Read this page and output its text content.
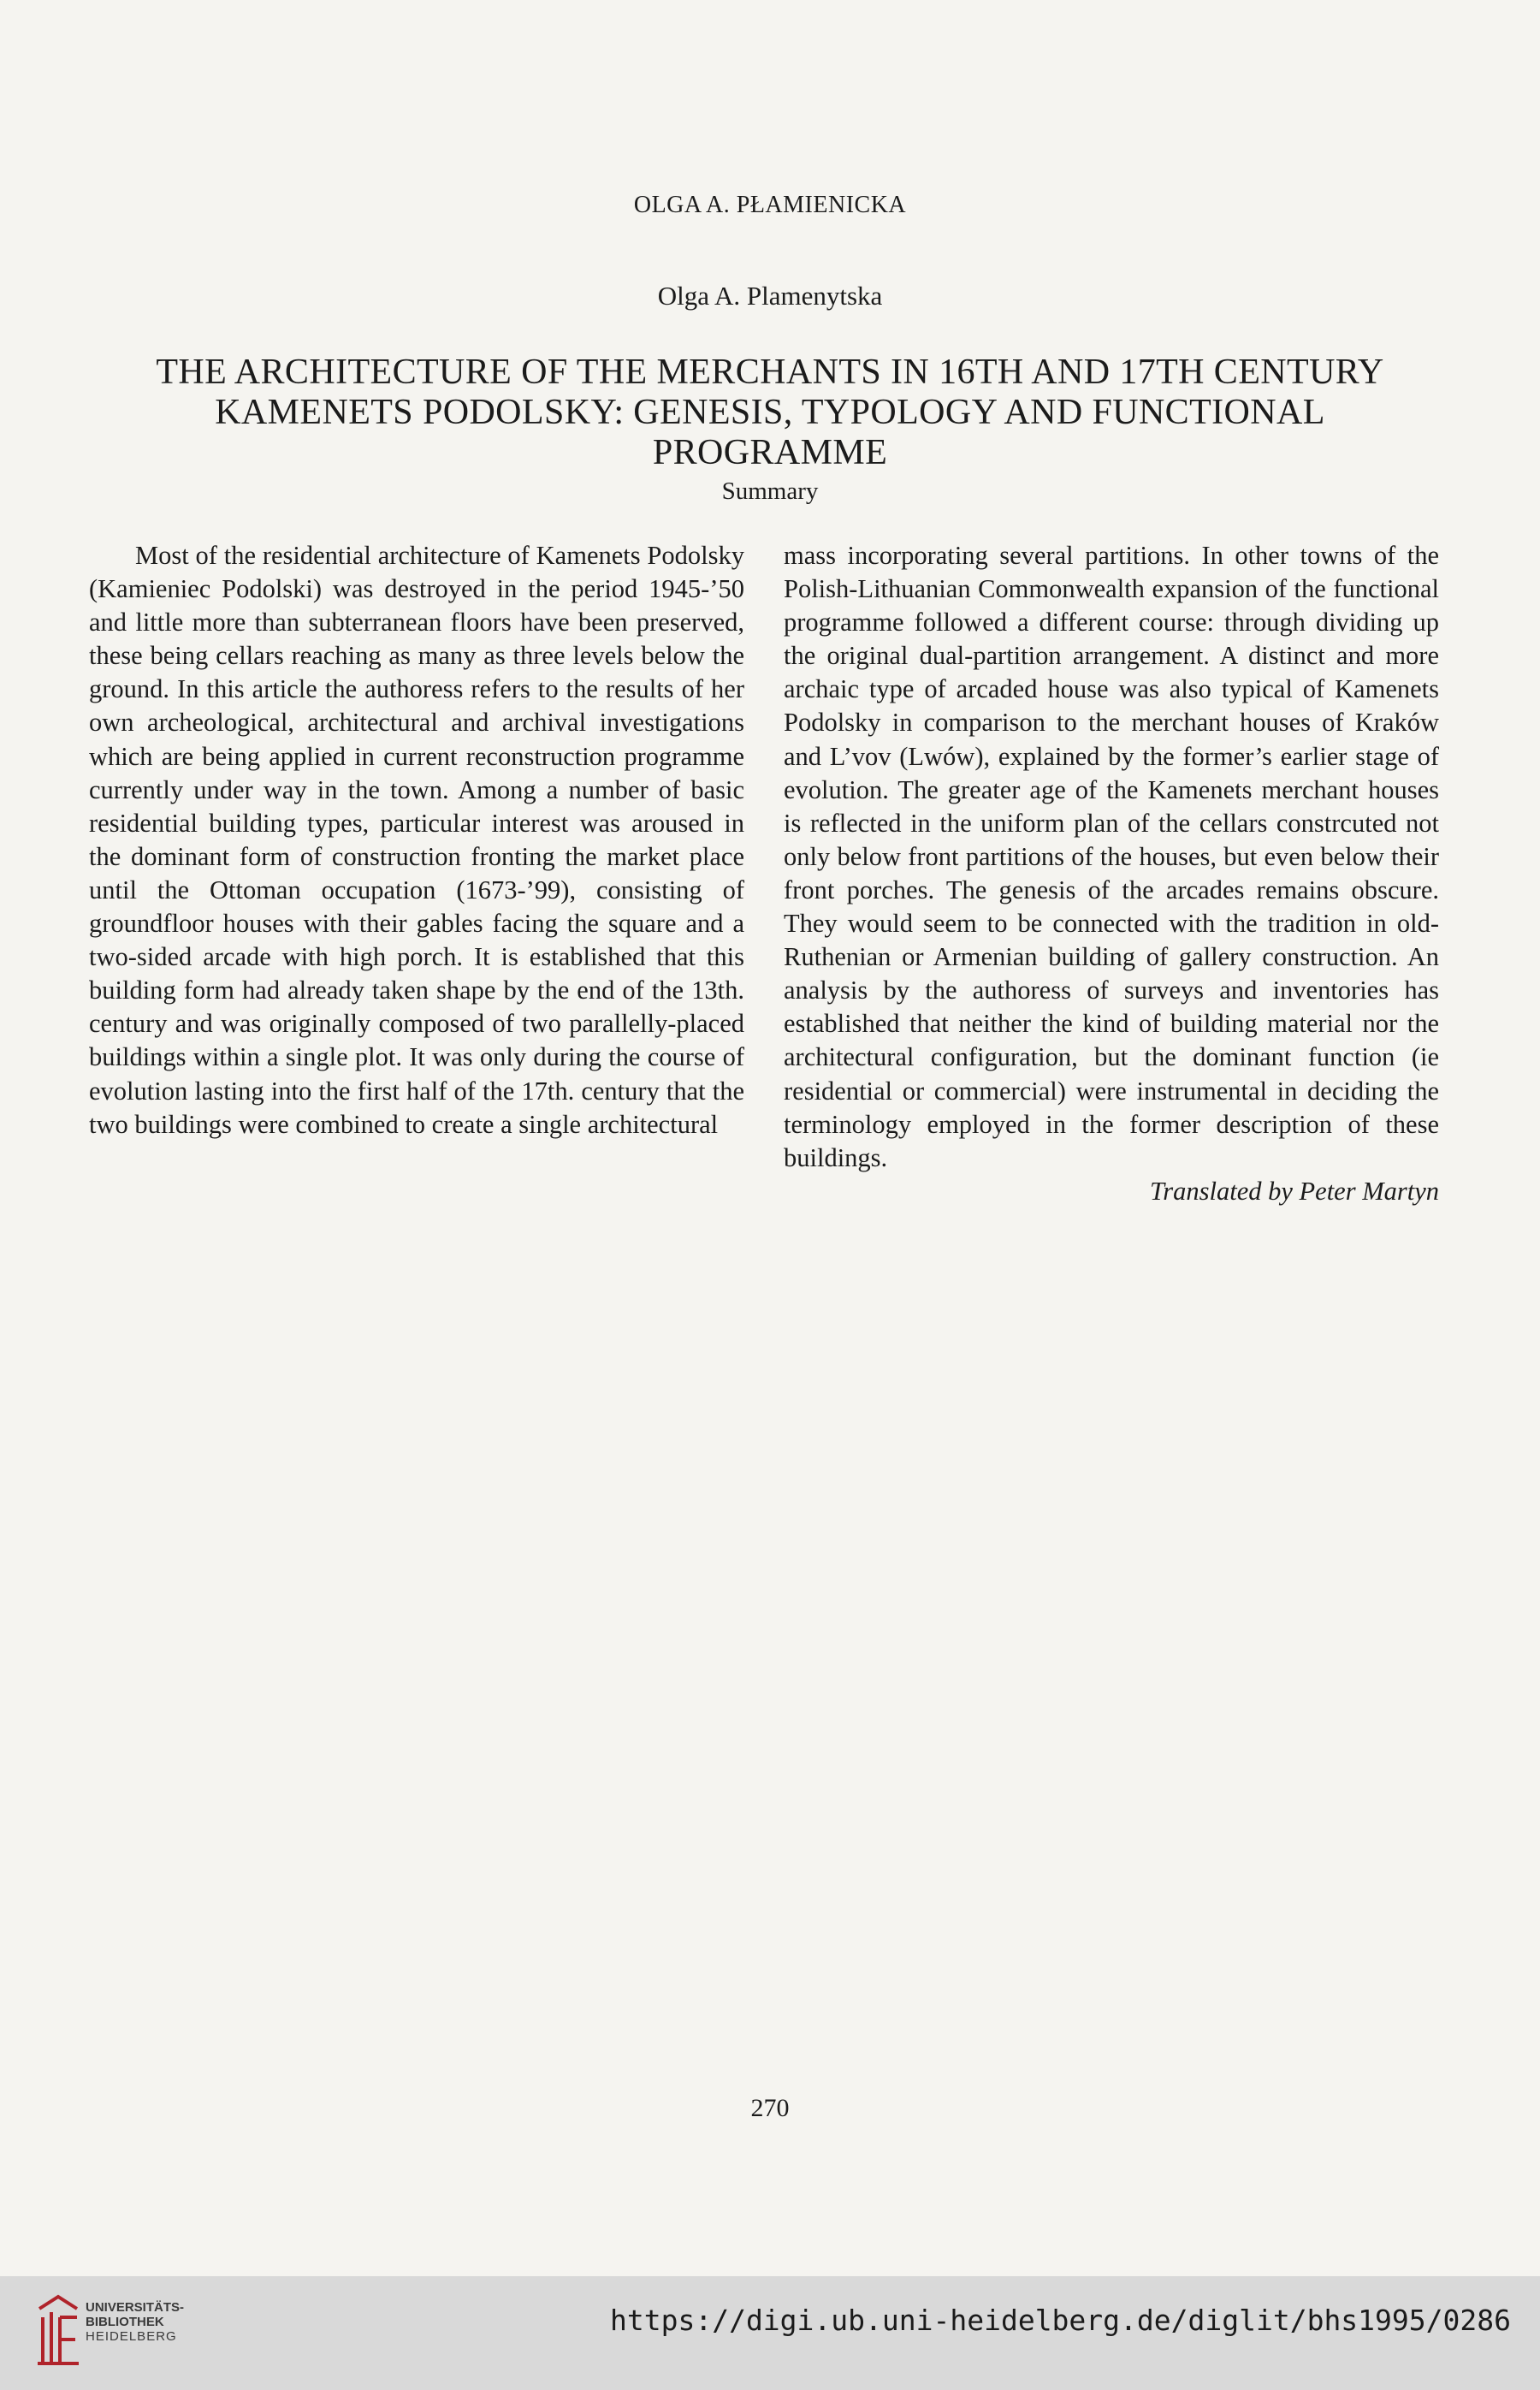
OLGA A. PŁAMIENICKA
Olga A. Plamenytska
THE ARCHITECTURE OF THE MERCHANTS IN 16TH AND 17TH CENTURY
KAMENETS PODOLSKY: GENESIS, TYPOLOGY AND FUNCTIONAL
PROGRAMME
Summary

Most of the residential architecture of Kamenets Podolsky (Kamieniec Podolski) was destroyed in the period 1945-’50 and little more than subterranean floors have been preserved, these being cellars reaching as many as three levels below the ground. In this article the authoress refers to the results of her own archeological, architectural and archival investigations which are being applied in current reconstruction programme currently under way in the town. Among a number of basic residential building types, particular interest was aroused in the dominant form of construction fronting the market place until the Ottoman occupation (1673-’99), consisting of groundfloor houses with their gables facing the square and a two-sided arcade with high porch. It is established that this building form had already taken shape by the end of the 13th. century and was originally composed of two parallelly-placed buildings within a single plot. It was only during the course of evolution lasting into the first half of the 17th. century that the two buildings were combined to create a single architectural

mass incorporating several partitions. In other towns of the Polish-Lithuanian Commonwealth expansion of the functional programme followed a different course: through dividing up the original dual-partition arrangement. A distinct and more archaic type of arcaded house was also typical of Kamenets Podolsky in comparison to the merchant houses of Kraków and L’vov (Lwów), explained by the former’s earlier stage of evolution. The greater age of the Kamenets merchant houses is reflected in the uniform plan of the cellars constrcuted not only below front partitions of the houses, but even below their front porches. The genesis of the arcades remains obscure. They would seem to be connected with the tradition in old-Ruthenian or Armenian building of gallery construction. An analysis by the authoress of surveys and inventories has established that neither the kind of building material nor the architectural configuration, but the dominant function (ie residential or commercial) were instrumental in deciding the terminology employed in the former description of these buildings.

Translated by Peter Martyn

270
UNIVERSITÄTS-
BIBLIOTHEK
HEIDELBERG	https://digi.ub.uni-heidelberg.de/diglit/bhs1995/0286
